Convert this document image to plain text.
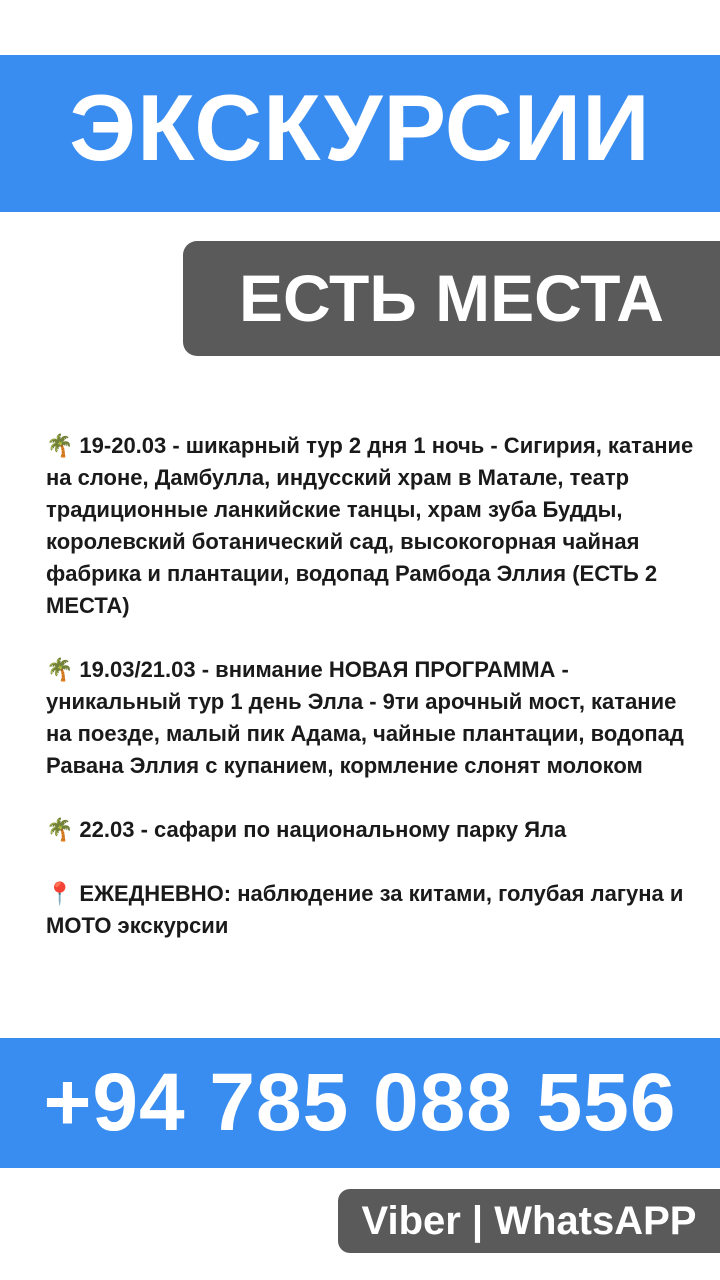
ЭКСКУРСИИ
ЕСТЬ МЕСТА
🌴 19-20.03 - шикарный тур 2 дня 1 ночь - Сигирия, катание на слоне, Дамбулла, индусский храм в Матале, театр традиционные ланкийские танцы, храм зуба Будды, королевский ботанический сад, высокогорная чайная фабрика и плантации, водопад Рамбода Эллия (ЕСТЬ 2 МЕСТА)
🌴 19.03/21.03 - внимание НОВАЯ ПРОГРАММА - уникальный тур 1 день Элла - 9ти арочный мост, катание на поезде, малый пик Адама, чайные плантации, водопад Равана Эллия с купанием, кормление слонят молоком
🌴 22.03 - сафари по национальному парку Яла
📍 ЕЖЕДНЕВНО: наблюдение за китами, голубая лагуна и МОТО экскурсии
+94 785 088 556
Viber | WhatsAPP
